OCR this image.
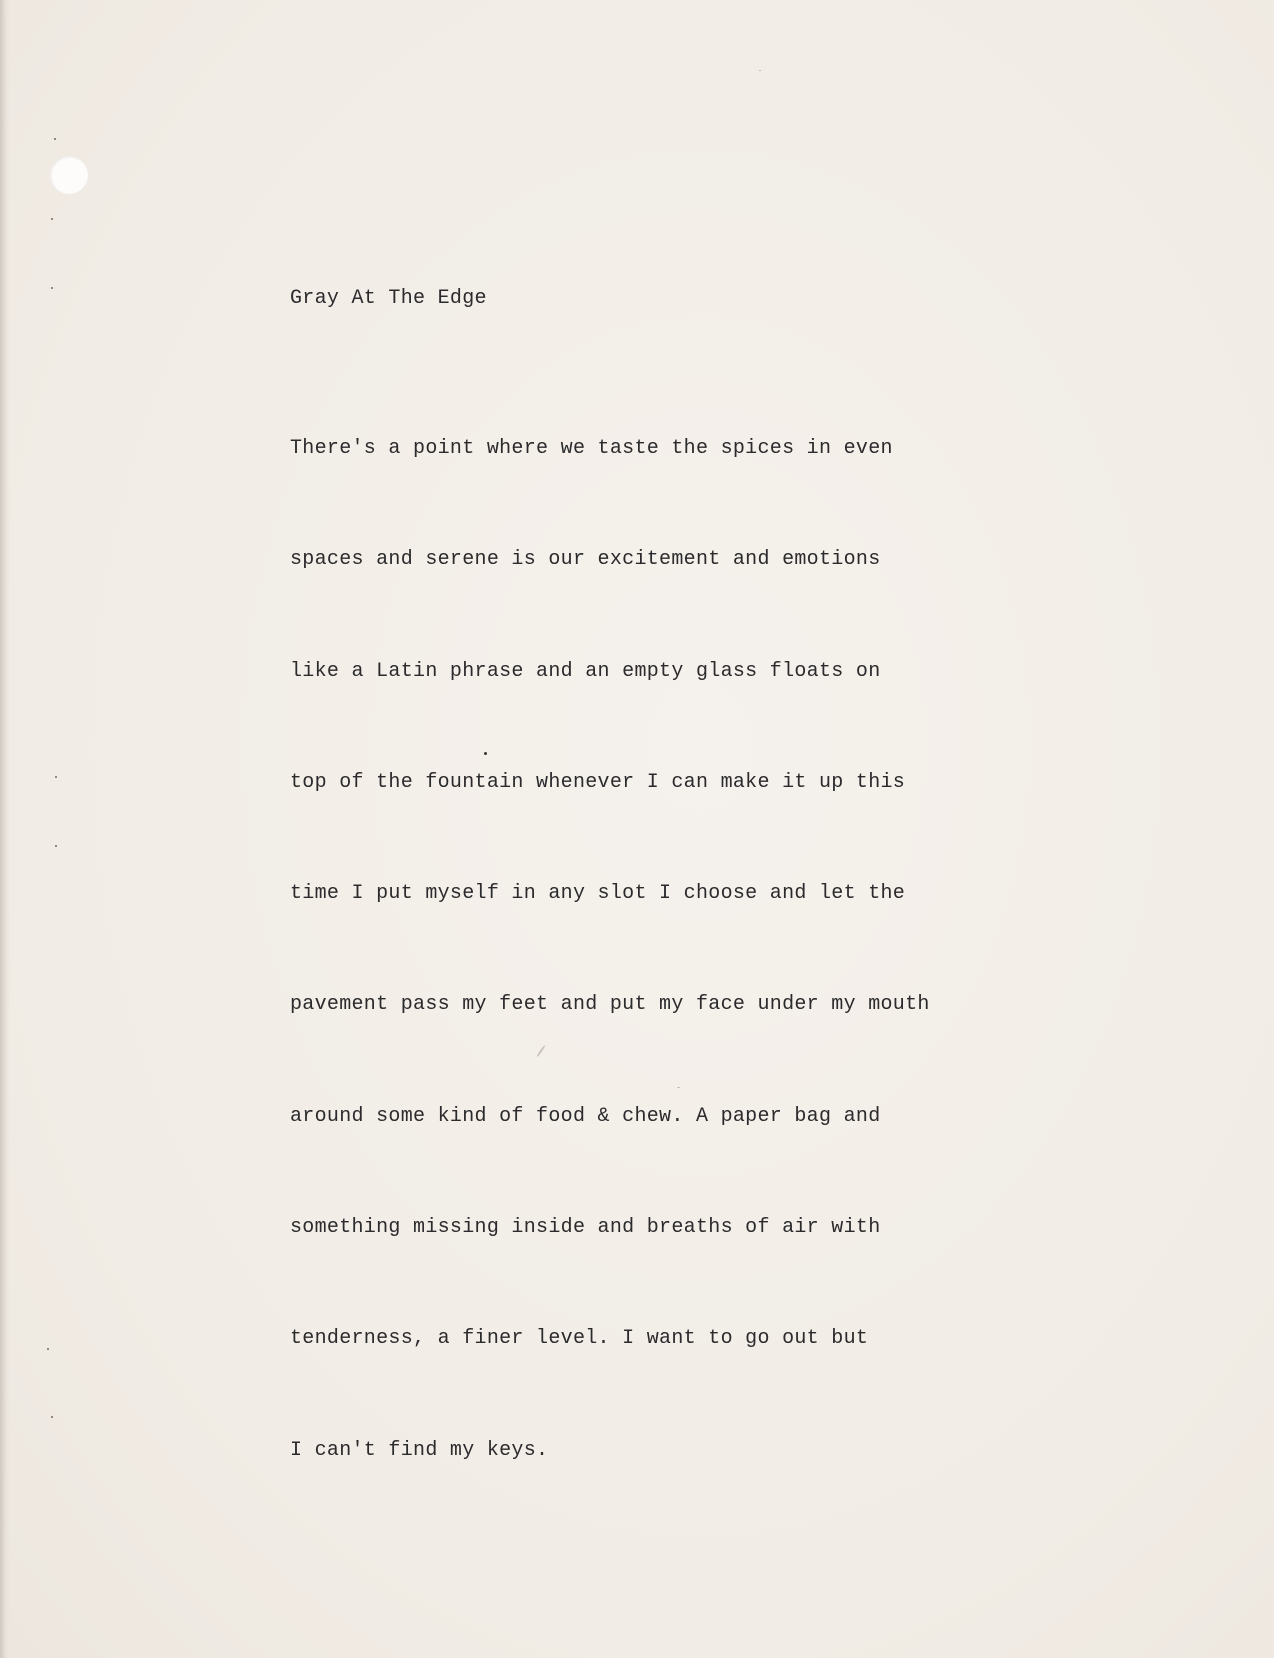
Gray At The Edge

There's a point where we taste the spices in even

spaces and serene is our excitement and emotions

like a Latin phrase and an empty glass floats on

top of the fountain whenever I can make it up this

time I put myself in any slot I choose and let the

pavement pass my feet and put my face under my mouth

around some kind of food & chew. A paper bag and

something missing inside and breaths of air with

tenderness, a finer level. I want to go out but

I can't find my keys.
